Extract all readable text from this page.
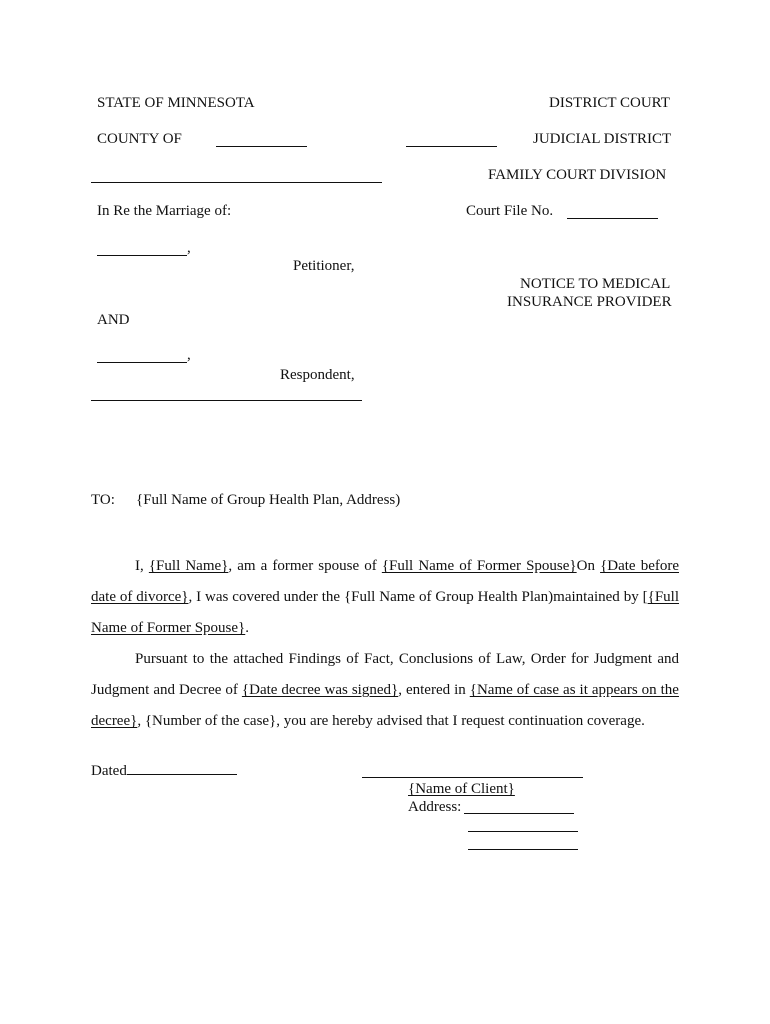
STATE OF MINNESOTA	DISTRICT COURT
COUNTY OF	JUDICIAL DISTRICT
FAMILY COURT DIVISION
In Re the Marriage of:	Court File No.
,
Petitioner,
NOTICE TO MEDICAL
INSURANCE PROVIDER
AND
,
Respondent,
TO: {Full Name of Group Health Plan, Address)
I, {Full Name}, am a former spouse of {Full Name of Former Spouse}On {Date before date of divorce}, I was covered under the {Full Name of Group Health Plan)maintained by [{Full Name of Former Spouse}.
Pursuant to the attached Findings of Fact, Conclusions of Law, Order for Judgment and Judgment and Decree of {Date decree was signed}, entered in {Name of case as it appears on the decree}, {Number of the case}, you are hereby advised that I request continuation coverage.
Dated
{Name of Client}
Address:
